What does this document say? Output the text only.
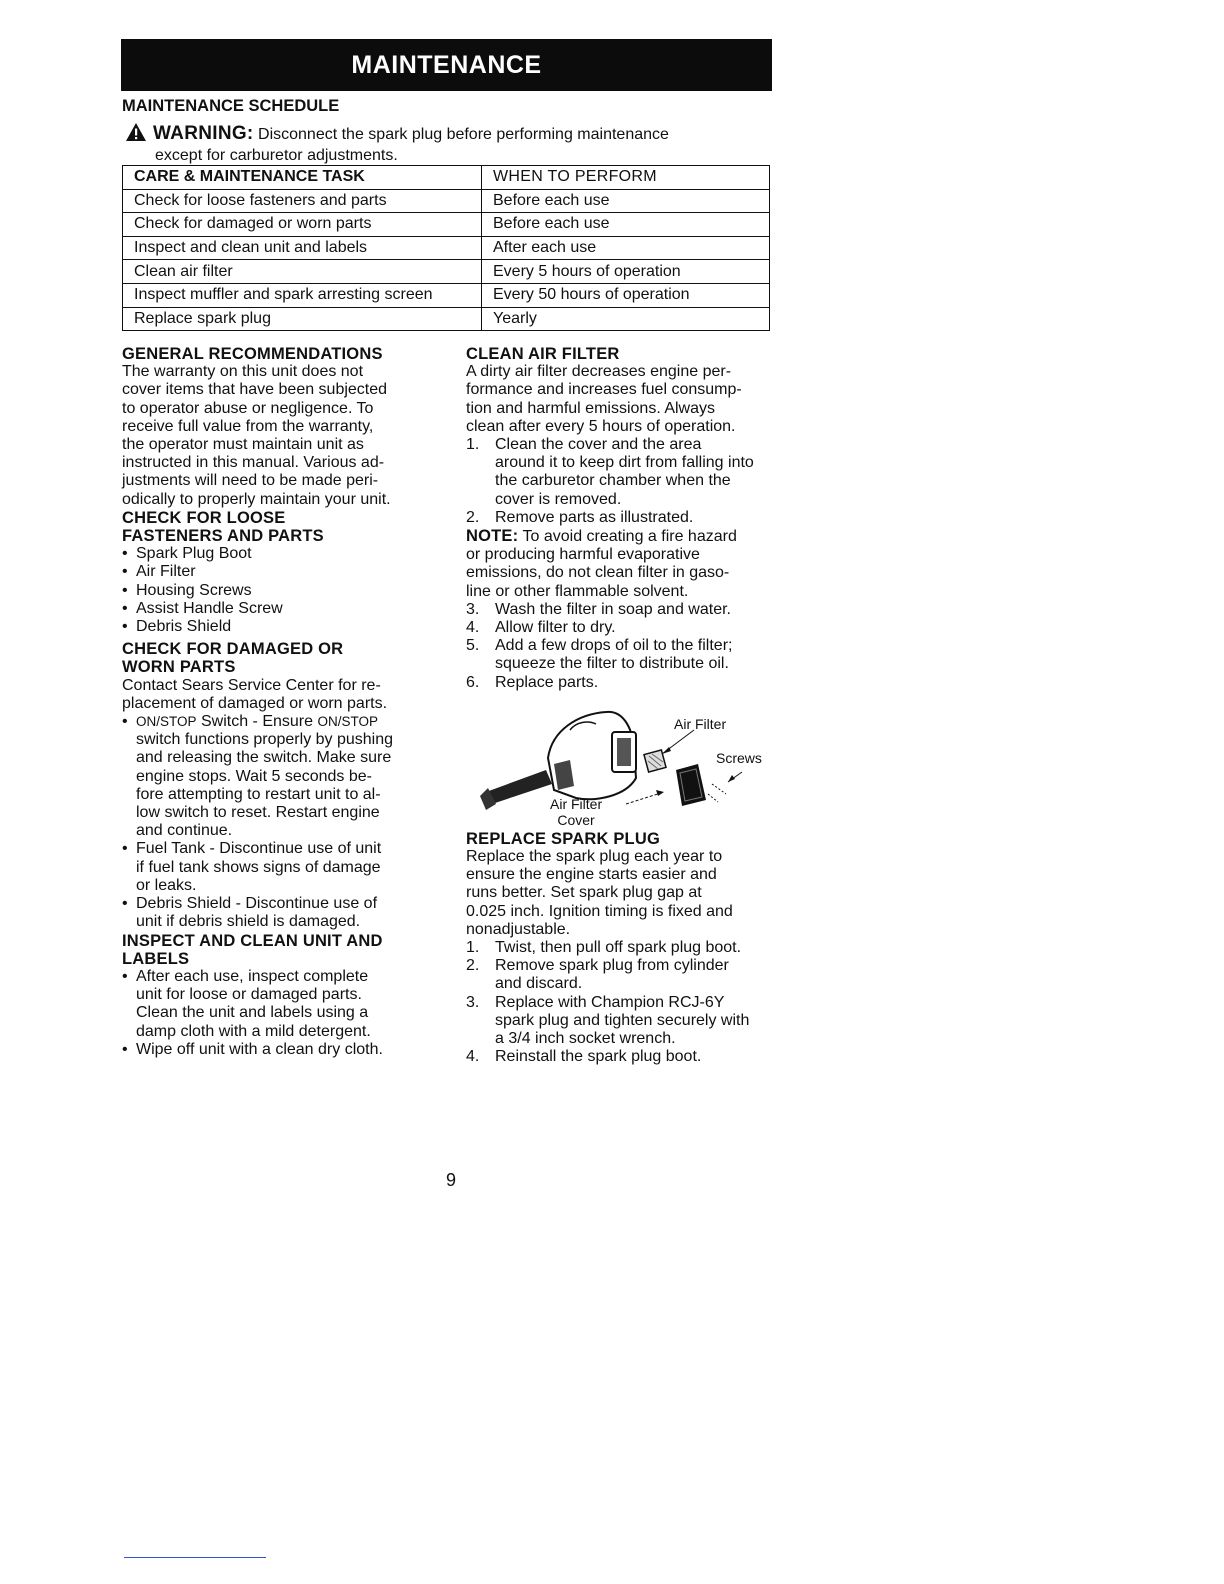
MAINTENANCE
MAINTENANCE SCHEDULE
WARNING: Disconnect the spark plug before performing maintenance
except for carburetor adjustments.
CARE & MAINTENANCE TASK	WHEN TO PERFORM
Check for loose fasteners and parts	Before each use
Check for damaged or worn parts	Before each use
Inspect and clean unit and labels	After each use
Clean air filter	Every 5 hours of operation
Inspect muffler and spark arresting screen	Every 50 hours of operation
Replace spark plug	Yearly
GENERAL RECOMMENDATIONS
The warranty on this unit does not
cover items that have been subjected
to operator abuse or negligence. To
receive full value from the warranty,
the operator must maintain unit as
instructed in this manual. Various ad-
justments will need to be made peri-
odically to properly maintain your unit.
CHECK FOR LOOSE
FASTENERS AND PARTS
• Spark Plug Boot
• Air Filter
• Housing Screws
• Assist Handle Screw
• Debris Shield
CHECK FOR DAMAGED OR
WORN PARTS
Contact Sears Service Center for re-
placement of damaged or worn parts.
• ON/STOP Switch - Ensure ON/STOP
switch functions properly by pushing
and releasing the switch. Make sure
engine stops. Wait 5 seconds be-
fore attempting to restart unit to al-
low switch to reset. Restart engine
and continue.
• Fuel Tank - Discontinue use of unit
if fuel tank shows signs of damage
or leaks.
• Debris Shield - Discontinue use of
unit if debris shield is damaged.
INSPECT AND CLEAN UNIT AND
LABELS
• After each use, inspect complete
unit for loose or damaged parts.
Clean the unit and labels using a
damp cloth with a mild detergent.
• Wipe off unit with a clean dry cloth.
CLEAN AIR FILTER
A dirty air filter decreases engine per-
formance and increases fuel consump-
tion and harmful emissions. Always
clean after every 5 hours of operation.
1. Clean the cover and the area
around it to keep dirt from falling into
the carburetor chamber when the
cover is removed.
2. Remove parts as illustrated.
NOTE: To avoid creating a fire hazard
or producing harmful evaporative
emissions, do not clean filter in gaso-
line or other flammable solvent.
3. Wash the filter in soap and water.
4. Allow filter to dry.
5. Add a few drops of oil to the filter;
squeeze the filter to distribute oil.
6. Replace parts.
Air Filter
Screws
Air Filter
Cover
REPLACE SPARK PLUG
Replace the spark plug each year to
ensure the engine starts easier and
runs better. Set spark plug gap at
0.025 inch. Ignition timing is fixed and
nonadjustable.
1. Twist, then pull off spark plug boot.
2. Remove spark plug from cylinder
and discard.
3. Replace with Champion RCJ-6Y
spark plug and tighten securely with
a 3/4 inch socket wrench.
4. Reinstall the spark plug boot.
9
